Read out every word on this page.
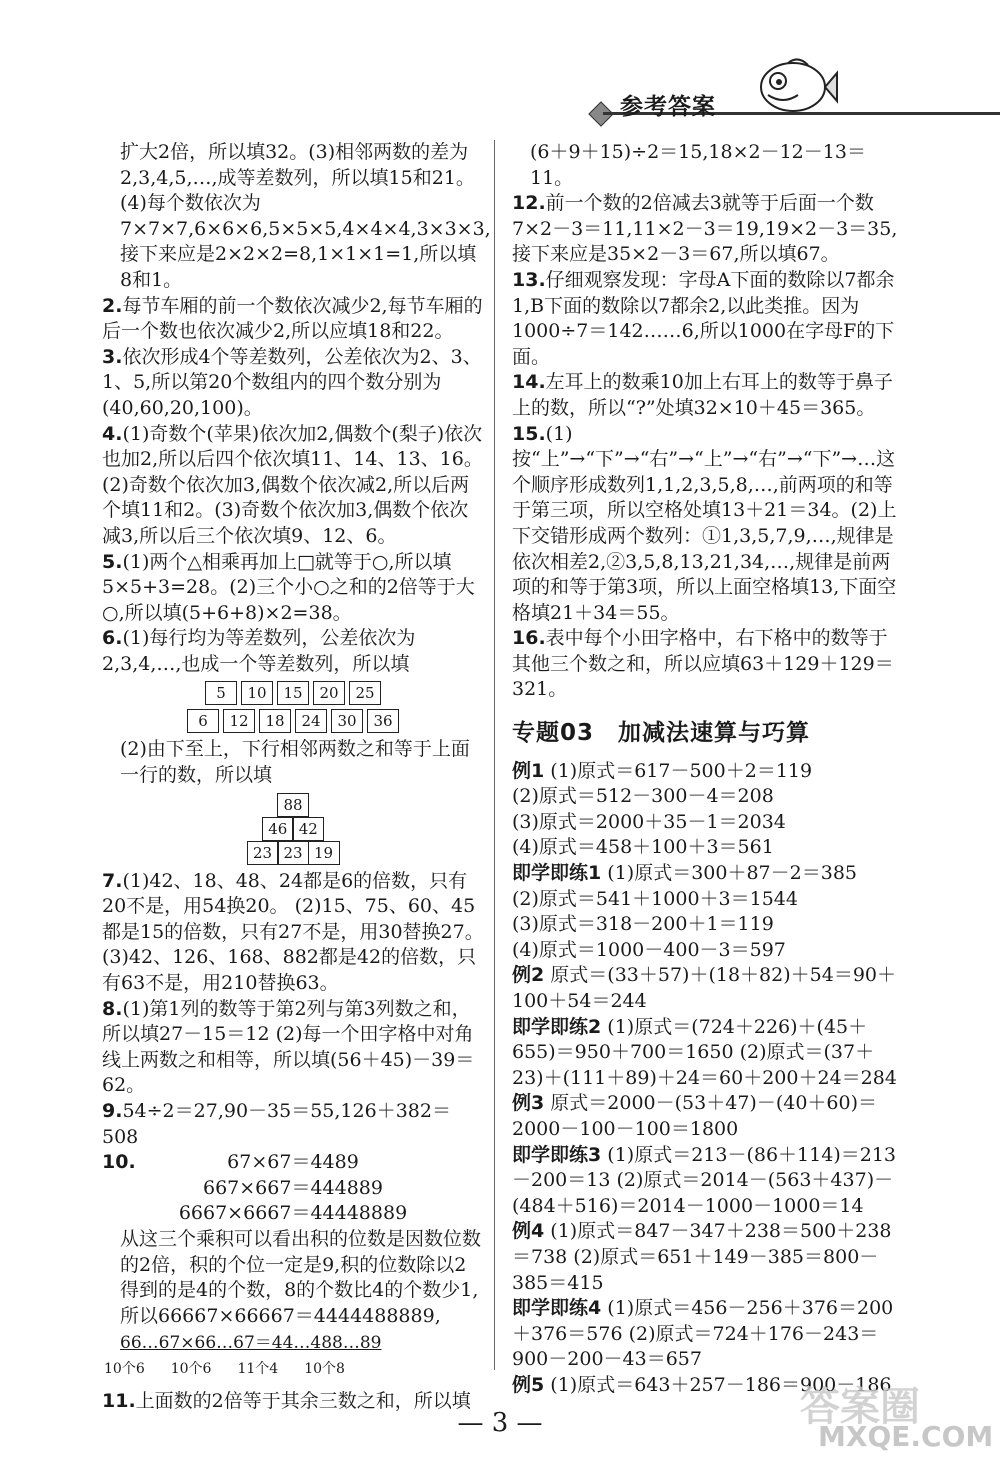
参考答案

扩大2倍，所以填32。(3)相邻两数的差为2,3,4,5,…,成等差数列，所以填15和21。(4)每个数依次为7×7×7,6×6×6,5×5×5,4×4×4,3×3×3,接下来应是2×2×2=8,1×1×1=1,所以填8和1。

2.每节车厢的前一个数依次减少2,每节车厢的后一个数也依次减少2,所以应填18和22。

3.依次形成4个等差数列，公差依次为2、3、1、5,所以第20个数组内的四个数分别为(40,60,20,100)。

4.(1)奇数个(苹果)依次加2,偶数个(梨子)依次也加2,所以后四个依次填11、14、13、16。(2)奇数个依次加3,偶数个依次减2,所以后两个填11和2。(3)奇数个依次加3,偶数个依次减3,所以后三个依次填9、12、6。

5.(1)两个△相乘再加上□就等于○,所以填5×5+3=28。(2)三个小○之和的2倍等于大○,所以填(5+6+8)×2=38。

6.(1)每行均为等差数列，公差依次为2,3,4,…,也成一个等差数列，所以填

5	10	15	20	25
6	12	18	24	30	36

(2)由下至上，下行相邻两数之和等于上面一行的数，所以填

88
46 42
23 23 19

7.(1)42、18、48、24都是6的倍数，只有20不是，用54换20。 (2)15、75、60、45都是15的倍数，只有27不是，用30替换27。(3)42、126、168、882都是42的倍数，只有63不是，用210替换63。

8.(1)第1列的数等于第2列与第3列数之和，所以填27－15＝12 (2)每一个田字格中对角线上两数之和相等，所以填(56＋45)－39＝62。

9.54÷2＝27,90－35＝55,126＋382＝508

10.	67×67＝4489

667×667＝444889

6667×6667＝44448889

从这三个乘积可以看出积的位数是因数位数的2倍，积的个位一定是9,积的位数除以2得到的是4的个数，8的个数比4的个数少1,所以66667×66667＝4444488889,

66…67×66…67＝44…488…89
10个6 10个6 11个4 10个8

11.上面数的2倍等于其余三数之和，所以填

(6＋9＋15)÷2＝15,18×2－12－13＝11。

12.前一个数的2倍减去3就等于后面一个数 7×2－3＝11,11×2－3＝19,19×2－3＝35,接下来应是35×2－3＝67,所以填67。

13.仔细观察发现：字母A下面的数除以7都余1,B下面的数除以7都余2,以此类推。因为1000÷7＝142……6,所以1000在字母F的下面。

14.左耳上的数乘10加上右耳上的数等于鼻子上的数，所以“?”处填32×10＋45＝365。

15.(1)按“上”→“下”→“右”→“上”→“右”→“下”→…这个顺序形成数列1,1,2,3,5,8,…,前两项的和等于第三项，所以空格处填13＋21＝34。(2)上下交错形成两个数列：①1,3,5,7,9,…,规律是依次相差2,②3,5,8,13,21,34,…,规律是前两项的和等于第3项，所以上面空格填13,下面空格填21＋34＝55。

16.表中每个小田字格中，右下格中的数等于其他三个数之和，所以应填63＋129＋129＝321。

专题03　加减法速算与巧算

例1 (1)原式＝617－500＋2＝119

(2)原式＝512－300－4＝208

(3)原式＝2000＋35－1＝2034

(4)原式＝458＋100＋3＝561

即学即练1 (1)原式＝300＋87－2＝385

(2)原式＝541＋1000＋3＝1544

(3)原式＝318－200＋1＝119

(4)原式＝1000－400－3＝597

例2 原式＝(33＋57)＋(18＋82)＋54＝90＋100＋54＝244

即学即练2 (1)原式＝(724＋226)＋(45＋655)＝950＋700＝1650 (2)原式＝(37＋23)＋(111＋89)＋24＝60＋200＋24＝284

例3 原式＝2000－(53＋47)－(40＋60)＝2000－100－100＝1800

即学即练3 (1)原式＝213－(86＋114)＝213－200＝13 (2)原式＝2014－(563＋437)－(484＋516)＝2014－1000－1000＝14

例4 (1)原式＝847－347＋238＝500＋238＝738 (2)原式＝651＋149－385＝800－385＝415

即学即练4 (1)原式＝456－256＋376＝200＋376＝576 (2)原式＝724＋176－243＝900－200－43＝657

例5 (1)原式＝643＋257－186＝900－186

— 3 —	答案圈
MXQE.COM
